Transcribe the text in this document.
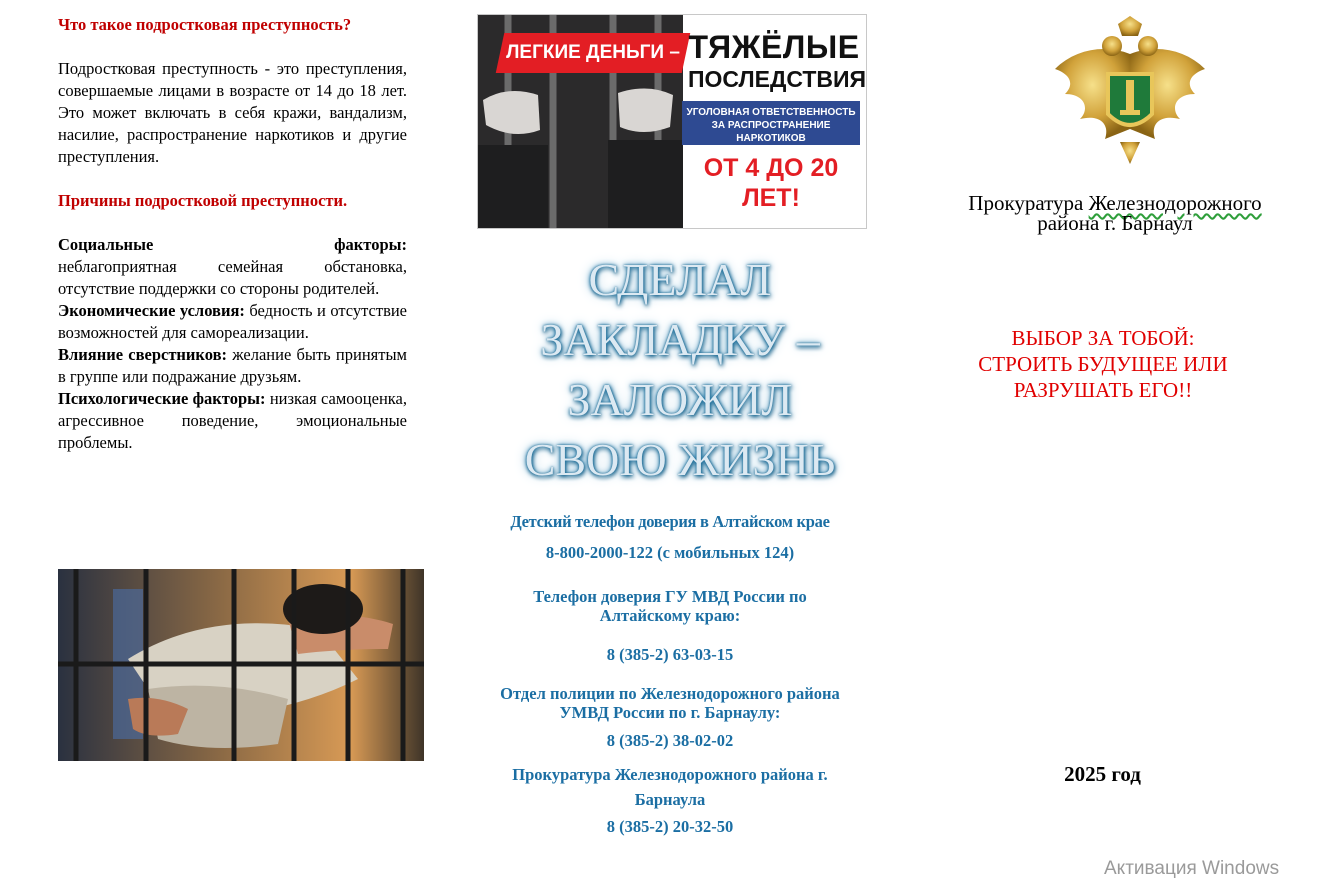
Что такое подростковая преступность?
Подростковая преступность - это преступления, совершаемые лицами в возрасте от 14 до 18 лет. Это может включать в себя кражи, вандализм, насилие, распространение наркотиков и другие преступления.
Причины подростковой преступности.
Социальные факторы:
неблагоприятная семейная обстановка, отсутствие поддержки со стороны родителей.
Экономические условия: бедность и отсутствие возможностей для самореализации.
Влияние сверстников: желание быть принятым в группе или подражание друзьям.
Психологические факторы: низкая самооценка, агрессивное поведение, эмоциональные проблемы.
ЛЕГКИЕ ДЕНЬГИ – ТЯЖЁЛЫЕ
ПОСЛЕДСТВИЯ
УГОЛОВНАЯ ОТВЕТСТВЕННОСТЬ
ЗА РАСПРОСТРАНЕНИЕ НАРКОТИКОВ
ОТ 4 ДО 20 ЛЕТ!
СДЕЛАЛ
ЗАКЛАДКУ –
ЗАЛОЖИЛ
СВОЮ ЖИЗНЬ
Детский телефон доверия в Алтайском крае
8-800-2000-122 (с мобильных 124)
Телефон доверия ГУ МВД России по Алтайскому краю:
8 (385-2) 63-03-15
Отдел полиции по Железнодорожного района УМВД России по г. Барнаулу:
8 (385-2) 38-02-02
Прокуратура Железнодорожного района г. Барнаула
8 (385-2) 20-32-50
Прокуратура Железнодорожного
района г. Барнаул
ВЫБОР ЗА ТОБОЙ:
СТРОИТЬ БУДУЩЕЕ ИЛИ
РАЗРУШАТЬ ЕГО!!
2025 год
Активация Windows
